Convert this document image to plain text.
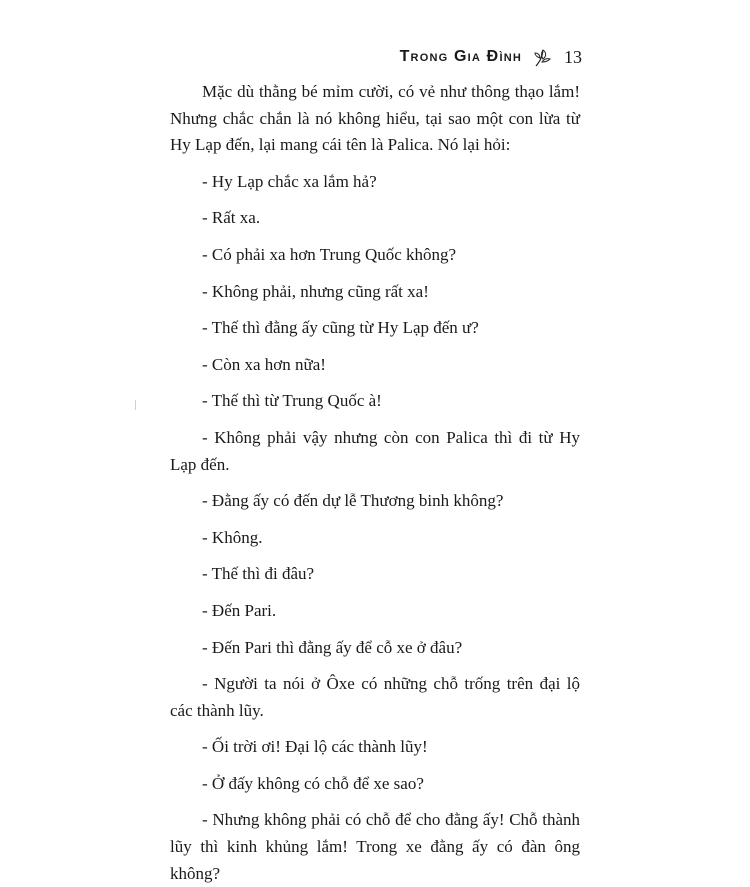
Trong Gia Đình 13

Mặc dù thằng bé mỉm cười, có vẻ như thông thạo lắm! Nhưng chắc chắn là nó không hiểu, tại sao một con lừa từ Hy Lạp đến, lại mang cái tên là Palica. Nó lại hỏi:

- Hy Lạp chắc xa lắm hả?

- Rất xa.

- Có phải xa hơn Trung Quốc không?

- Không phải, nhưng cũng rất xa!

- Thế thì đằng ấy cũng từ Hy Lạp đến ư?

- Còn xa hơn nữa!

- Thế thì từ Trung Quốc à!

- Không phải vậy nhưng còn con Palica thì đi từ Hy Lạp đến.

- Đằng ấy có đến dự lễ Thương binh không?

- Không.

- Thế thì đi đâu?

- Đến Pari.

- Đến Pari thì đằng ấy để cỗ xe ở đâu?

- Người ta nói ở Ôxe có những chỗ trống trên đại lộ các thành lũy.

- Ối trời ơi! Đại lộ các thành lũy!

- Ở đấy không có chỗ để xe sao?

- Nhưng không phải có chỗ để cho đằng ấy! Chỗ thành lũy thì kinh khủng lắm! Trong xe đằng ấy có đàn ông không?
